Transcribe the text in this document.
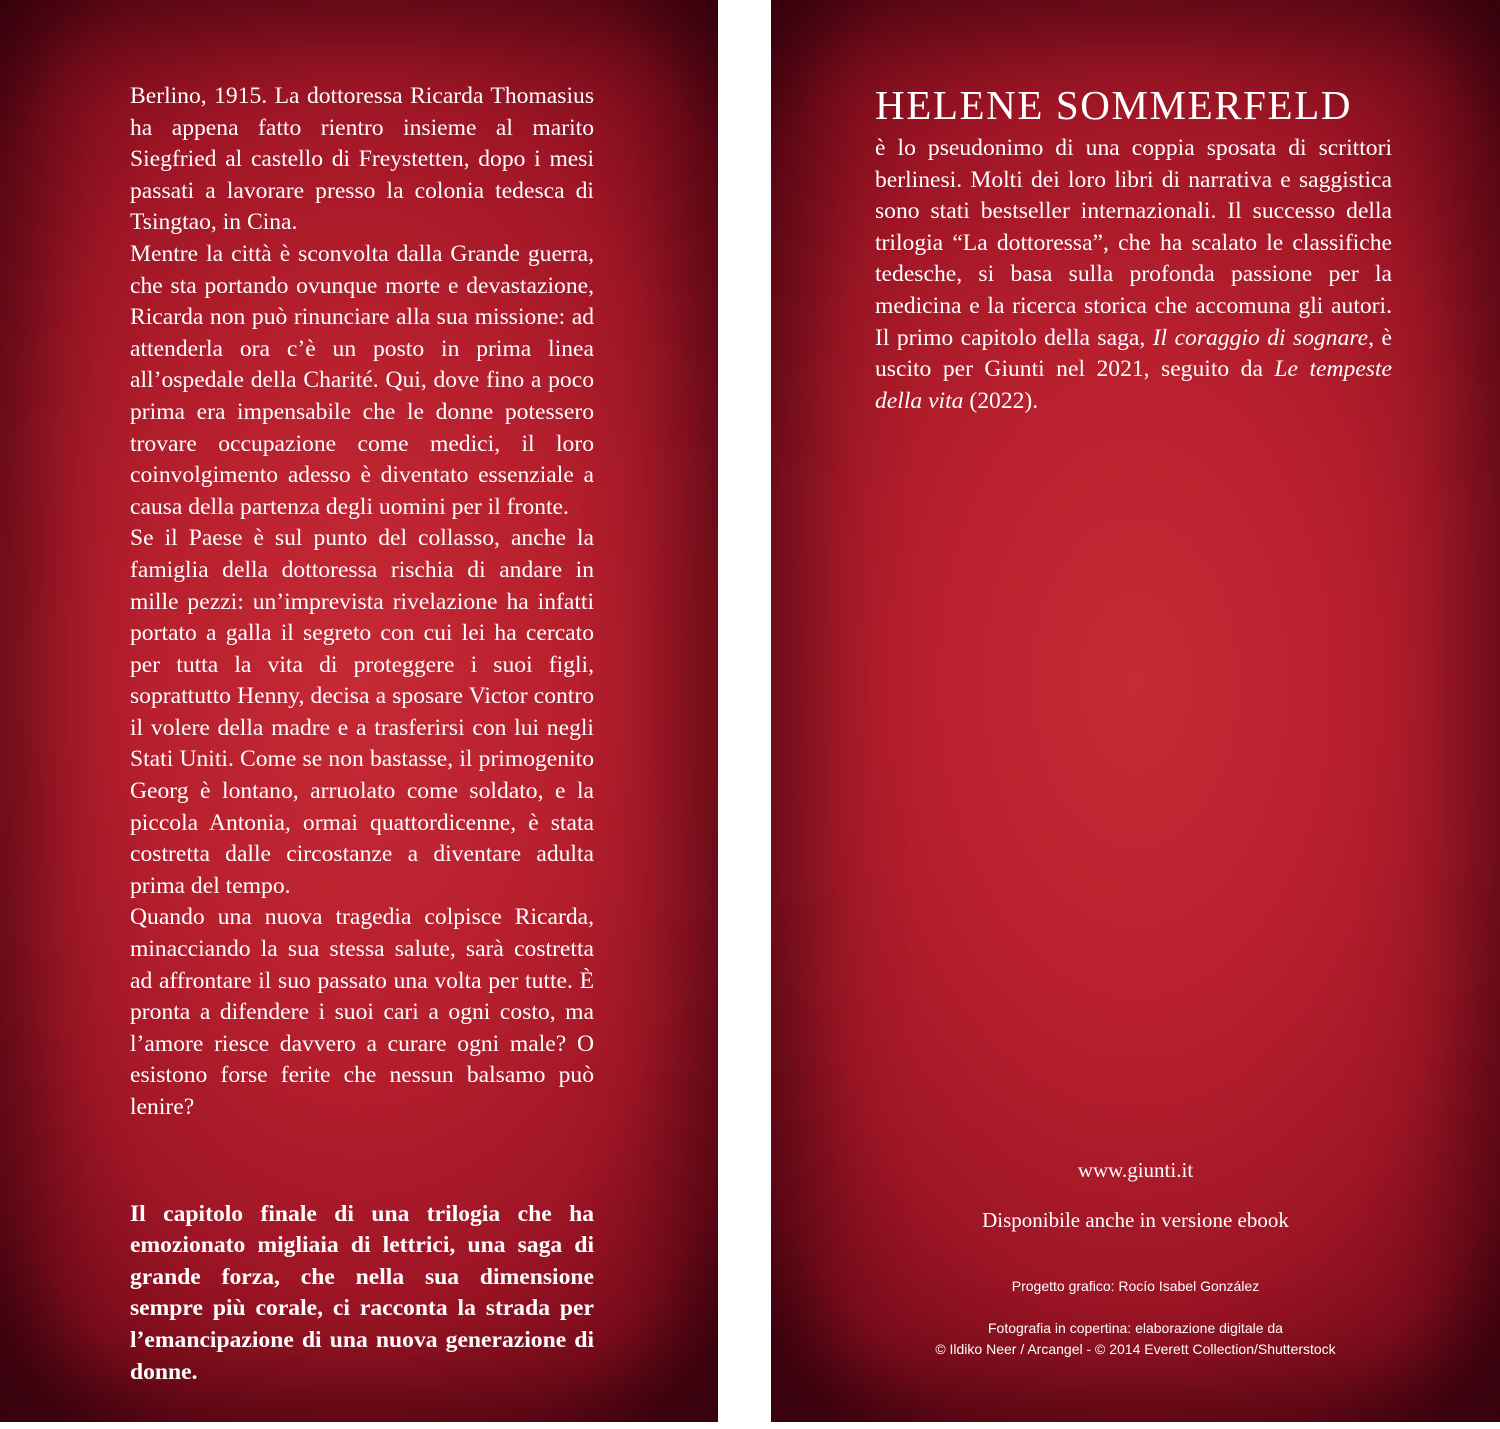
Berlino, 1915. La dottoressa Ricarda Thomasius ha appena fatto rientro insieme al marito Siegfried al castello di Freystetten, dopo i mesi passati a lavorare presso la colonia tedesca di Tsingtao, in Cina.

Mentre la città è sconvolta dalla Grande guerra, che sta portando ovunque morte e devastazione, Ricarda non può rinunciare alla sua missione: ad attenderla ora c’è un posto in prima linea all’ospedale della Charité. Qui, dove fino a poco prima era impensabile che le donne potessero trovare occupazione come medici, il loro coinvolgimento adesso è diventato essenziale a causa della partenza degli uomini per il fronte.

Se il Paese è sul punto del collasso, anche la famiglia della dottoressa rischia di andare in mille pezzi: un’imprevista rivelazione ha infatti portato a galla il segreto con cui lei ha cercato per tutta la vita di proteggere i suoi figli, soprattutto Henny, decisa a sposare Victor contro il volere della madre e a trasferirsi con lui negli Stati Uniti. Come se non bastasse, il primogenito Georg è lontano, arruolato come soldato, e la piccola Antonia, ormai quattordicenne, è stata costretta dalle circostanze a diventare adulta prima del tempo.

Quando una nuova tragedia colpisce Ricarda, minacciando la sua stessa salute, sarà costretta ad affrontare il suo passato una volta per tutte. È pronta a difendere i suoi cari a ogni costo, ma l’amore riesce davvero a curare ogni male? O esistono forse ferite che nessun balsamo può lenire?

Il capitolo finale di una trilogia che ha emozionato migliaia di lettrici, una saga di grande forza, che nella sua dimensione sempre più corale, ci racconta la strada per l’emancipazione di una nuova generazione di donne.

HELENE SOMMERFELD

è lo pseudonimo di una coppia sposata di scrittori berlinesi. Molti dei loro libri di narrativa e saggistica sono stati bestseller internazionali. Il successo della trilogia “La dottoressa”, che ha scalato le classifiche tedesche, si basa sulla profonda passione per la medicina e la ricerca storica che accomuna gli autori. Il primo capitolo della saga, Il coraggio di sognare, è uscito per Giunti nel 2021, seguito da Le tempeste della vita (2022).

www.giunti.it
Disponibile anche in versione ebook
Progetto grafico: Rocío Isabel González
Fotografia in copertina: elaborazione digitale da
© Ildiko Neer / Arcangel - © 2014 Everett Collection/Shutterstock
